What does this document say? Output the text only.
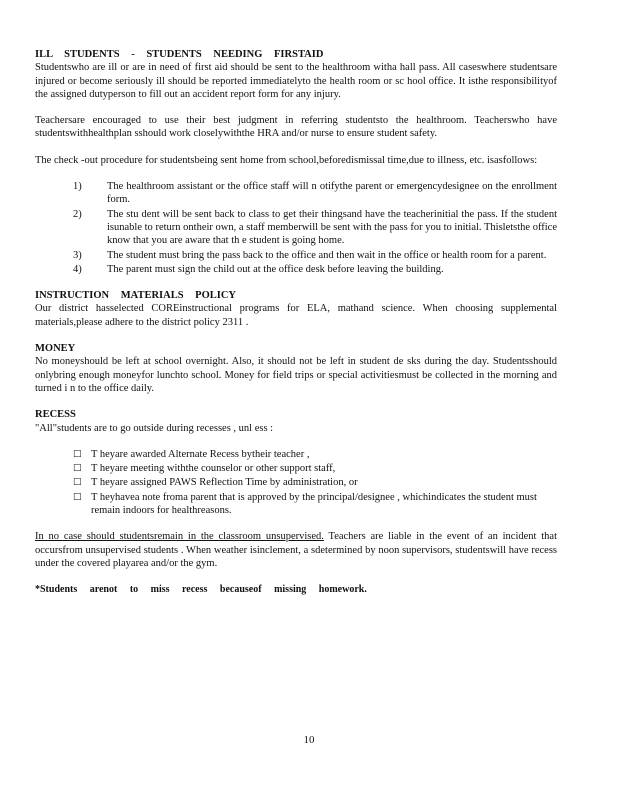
ILL STUDENTS - STUDENTS NEEDING FIRSTAID

Studentswho are ill or are in need of first aid should be sent to the healthroom witha hall pass. All caseswhere studentsare injured or become seriously ill should be reported immediatelyto the health room or sc hool office. It isthe responsibilityof the assigned dutyperson to fill out an accident report form for any injury.

Teachersare encouraged to use their best judgment in referring studentsto the healthroom. Teacherswho have studentswithhealthplan sshould work closelywiththe HRA and/or nurse to ensure student safety.

The check -out procedure for studentsbeing sent home from school,beforedismissal time,due to illness, etc. isasfollows:

1) The healthroom assistant or the office staff will n otifythe parent or emergencydesignee on the enrollment form.
2) The stu dent will be sent back to class to get their thingsand have the teacherinitial the pass. If the student isunable to return ontheir own, a staff memberwill be sent with the pass for you to initial. Thisletsthe office know that you are aware that th e student is going home.
3) The student must bring the pass back to the office and then wait in the office or health room for a parent.
4) The parent must sign the child out at the office desk before leaving the building.
INSTRUCTION MATERIALS POLICY

Our district hasselected COREinstructional programs for ELA, mathand science. When choosing supplemental materials,please adhere to the district policy 2311 .

MONEY

No moneyshould be left at school overnight. Also, it should not be left in student de sks during the day. Studentsshould onlybring enough moneyfor lunchto school. Money for field trips or special activitiesmust be collected in the morning and turned i n to the office daily.

RECESS

"All"students are to go outside during recesses , unl ess :

□ T heyare awarded Alternate Recess bytheir teacher ,
□ T heyare meeting withthe counselor or other support staff,
□ T heyare assigned PAWS Reflection Time by administration, or
□ T heyhavea note froma parent that is approved by the principal/designee , whichindicates the student must remain indoors for healthreasons.

In no case should studentsremain in the classroom unsupervised. Teachers are liable in the event of an incident that occursfrom unsupervised students . When weather isinclement, a sdetermined by noon supervisors, studentswill have recess under the covered playarea and/or the gym.

*Students arenot to miss recess becauseof missing homework.
10
